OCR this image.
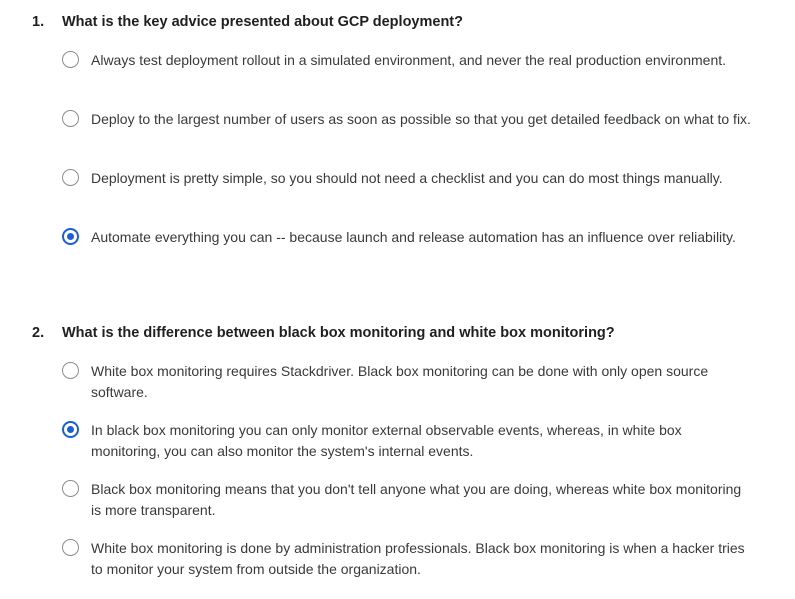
1.	What is the key advice presented about GCP deployment?
Always test deployment rollout in a simulated environment, and never the real production environment.
Deploy to the largest number of users as soon as possible so that you get detailed feedback on what to fix.
Deployment is pretty simple, so you should not need a checklist and you can do most things manually.
Automate everything you can -- because launch and release automation has an influence over reliability.
2.	What is the difference between black box monitoring and white box monitoring?
White box monitoring requires Stackdriver. Black box monitoring can be done with only open source software.
In black box monitoring you can only monitor external observable events, whereas, in white box monitoring, you can also monitor the system's internal events.
Black box monitoring means that you don't tell anyone what you are doing, whereas white box monitoring is more transparent.
White box monitoring is done by administration professionals. Black box monitoring is when a hacker tries to monitor your system from outside the organization.
